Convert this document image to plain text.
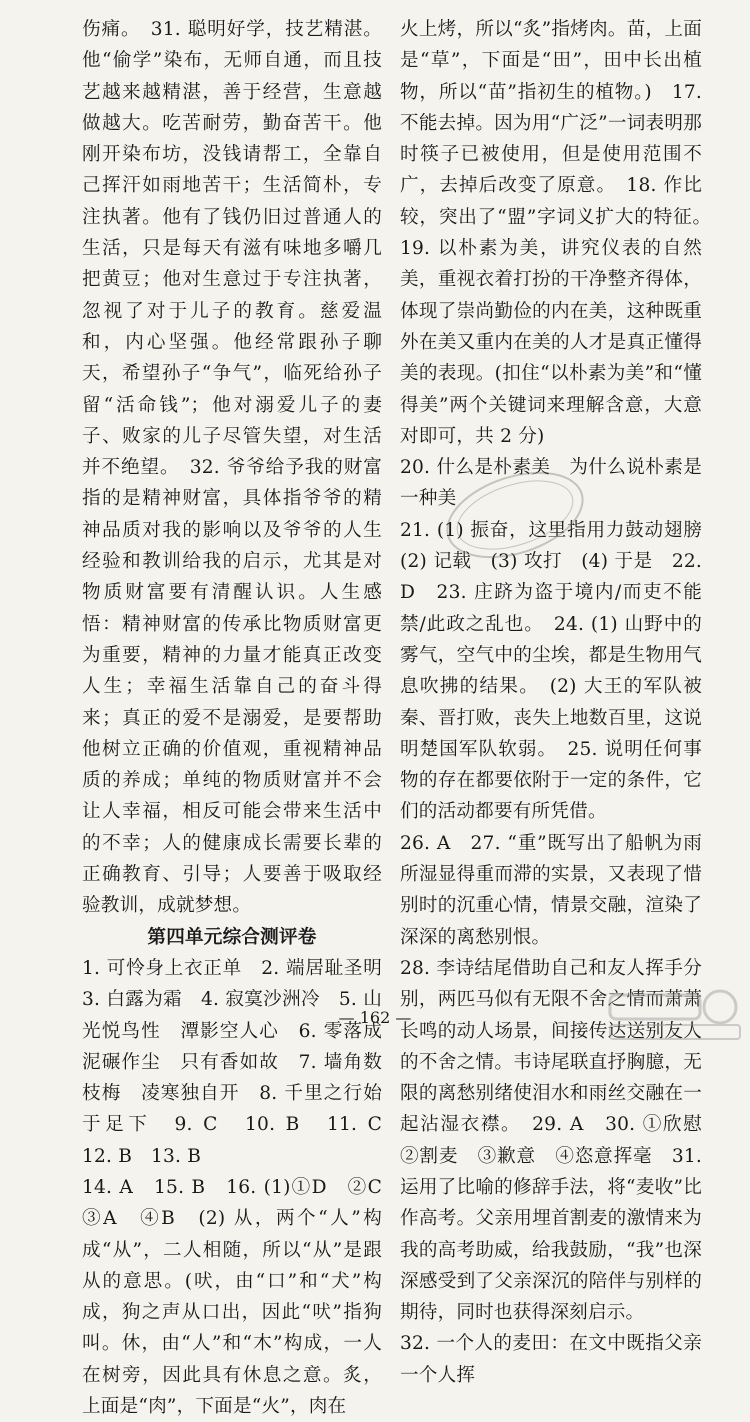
伤痛。　31. 聪明好学，技艺精湛。他“偷学”染布，无师自通，而且技艺越来越精湛，善于经营，生意越做越大。吃苦耐劳，勤奋苦干。他刚开染布坊，没钱请帮工，全靠自己挥汗如雨地苦干；生活简朴，专注执著。他有了钱仍旧过普通人的生活，只是每天有滋有味地多嚼几把黄豆；他对生意过于专注执著，忽视了对于儿子的教育。慈爱温和，内心坚强。他经常跟孙子聊天，希望孙子“争气”，临死给孙子留“活命钱”；他对溺爱儿子的妻子、败家的儿子尽管失望，对生活并不绝望。　32. 爷爷给予我的财富指的是精神财富，具体指爷爷的精神品质对我的影响以及爷爷的人生经验和教训给我的启示，尤其是对物质财富要有清醒认识。人生感悟：精神财富的传承比物质财富更为重要，精神的力量才能真正改变人生；幸福生活靠自己的奋斗得来；真正的爱不是溺爱，是要帮助他树立正确的价值观，重视精神品质的养成；单纯的物质财富并不会让人幸福，相反可能会带来生活中的不幸；人的健康成长需要长辈的正确教育、引导；人要善于吸取经验教训，成就梦想。

第四单元综合测评卷

1. 可怜身上衣正单　2. 端居耻圣明　3. 白露为霜　4. 寂寞沙洲冷　5. 山光悦鸟性　潭影空人心　6. 零落成泥碾作尘　只有香如故　7. 墙角数枝梅　凌寒独自开　8. 千里之行始于足下　9. C　10. B　11. C　12. B　13. B

14. A　15. B　16. (1)①D　②C　③A　④B　(2) 从，两个“人”构成“从”，二人相随，所以“从”是跟从的意思。(吠，由“口”和“犬”构成，狗之声从口出，因此“吠”指狗叫。休，由“人”和“木”构成，一人在树旁，因此具有休息之意。炙，上面是“肉”，下面是“火”，肉在

火上烤，所以“炙”指烤肉。苗，上面是“草”，下面是“田”，田中长出植物，所以“苗”指初生的植物。)　17. 不能去掉。因为用“广泛”一词表明那时筷子已被使用，但是使用范围不广，去掉后改变了原意。　18. 作比较，突出了“盟”字词义扩大的特征。　19. 以朴素为美，讲究仪表的自然美，重视衣着打扮的干净整齐得体，体现了崇尚勤俭的内在美，这种既重外在美又重内在美的人才是真正懂得美的表现。(扣住“以朴素为美”和“懂得美”两个关键词来理解含意，大意对即可，共 2 分)

20. 什么是朴素美　为什么说朴素是一种美

21. (1) 振奋，这里指用力鼓动翅膀　(2) 记载　(3) 攻打　(4) 于是　22. D　23. 庄跻为盗于境内/而吏不能禁/此政之乱也。　24. (1) 山野中的雾气，空气中的尘埃，都是生物用气息吹拂的结果。　(2) 大王的军队被秦、晋打败，丧失上地数百里，这说明楚国军队软弱。　25. 说明任何事物的存在都要依附于一定的条件，它们的活动都要有所凭借。

26. A　27. “重”既写出了船帆为雨所湿显得重而滞的实景，又表现了惜别时的沉重心情，情景交融，渲染了深深的离愁别恨。

28. 李诗结尾借助自己和友人挥手分别，两匹马似有无限不舍之情而萧萧长鸣的动人场景，间接传达送别友人的不舍之情。韦诗尾联直抒胸臆，无限的离愁别绪使泪水和雨丝交融在一起沾湿衣襟。　29. A　30. ①欣慰　②割麦　③歉意　④恣意挥毫　31. 运用了比喻的修辞手法，将“麦收”比作高考。父亲用埋首割麦的激情来为我的高考助威，给我鼓励，“我”也深深感受到了父亲深沉的陪伴与别样的期待，同时也获得深刻启示。

32. 一个人的麦田：在文中既指父亲一个人挥

— 162 —
